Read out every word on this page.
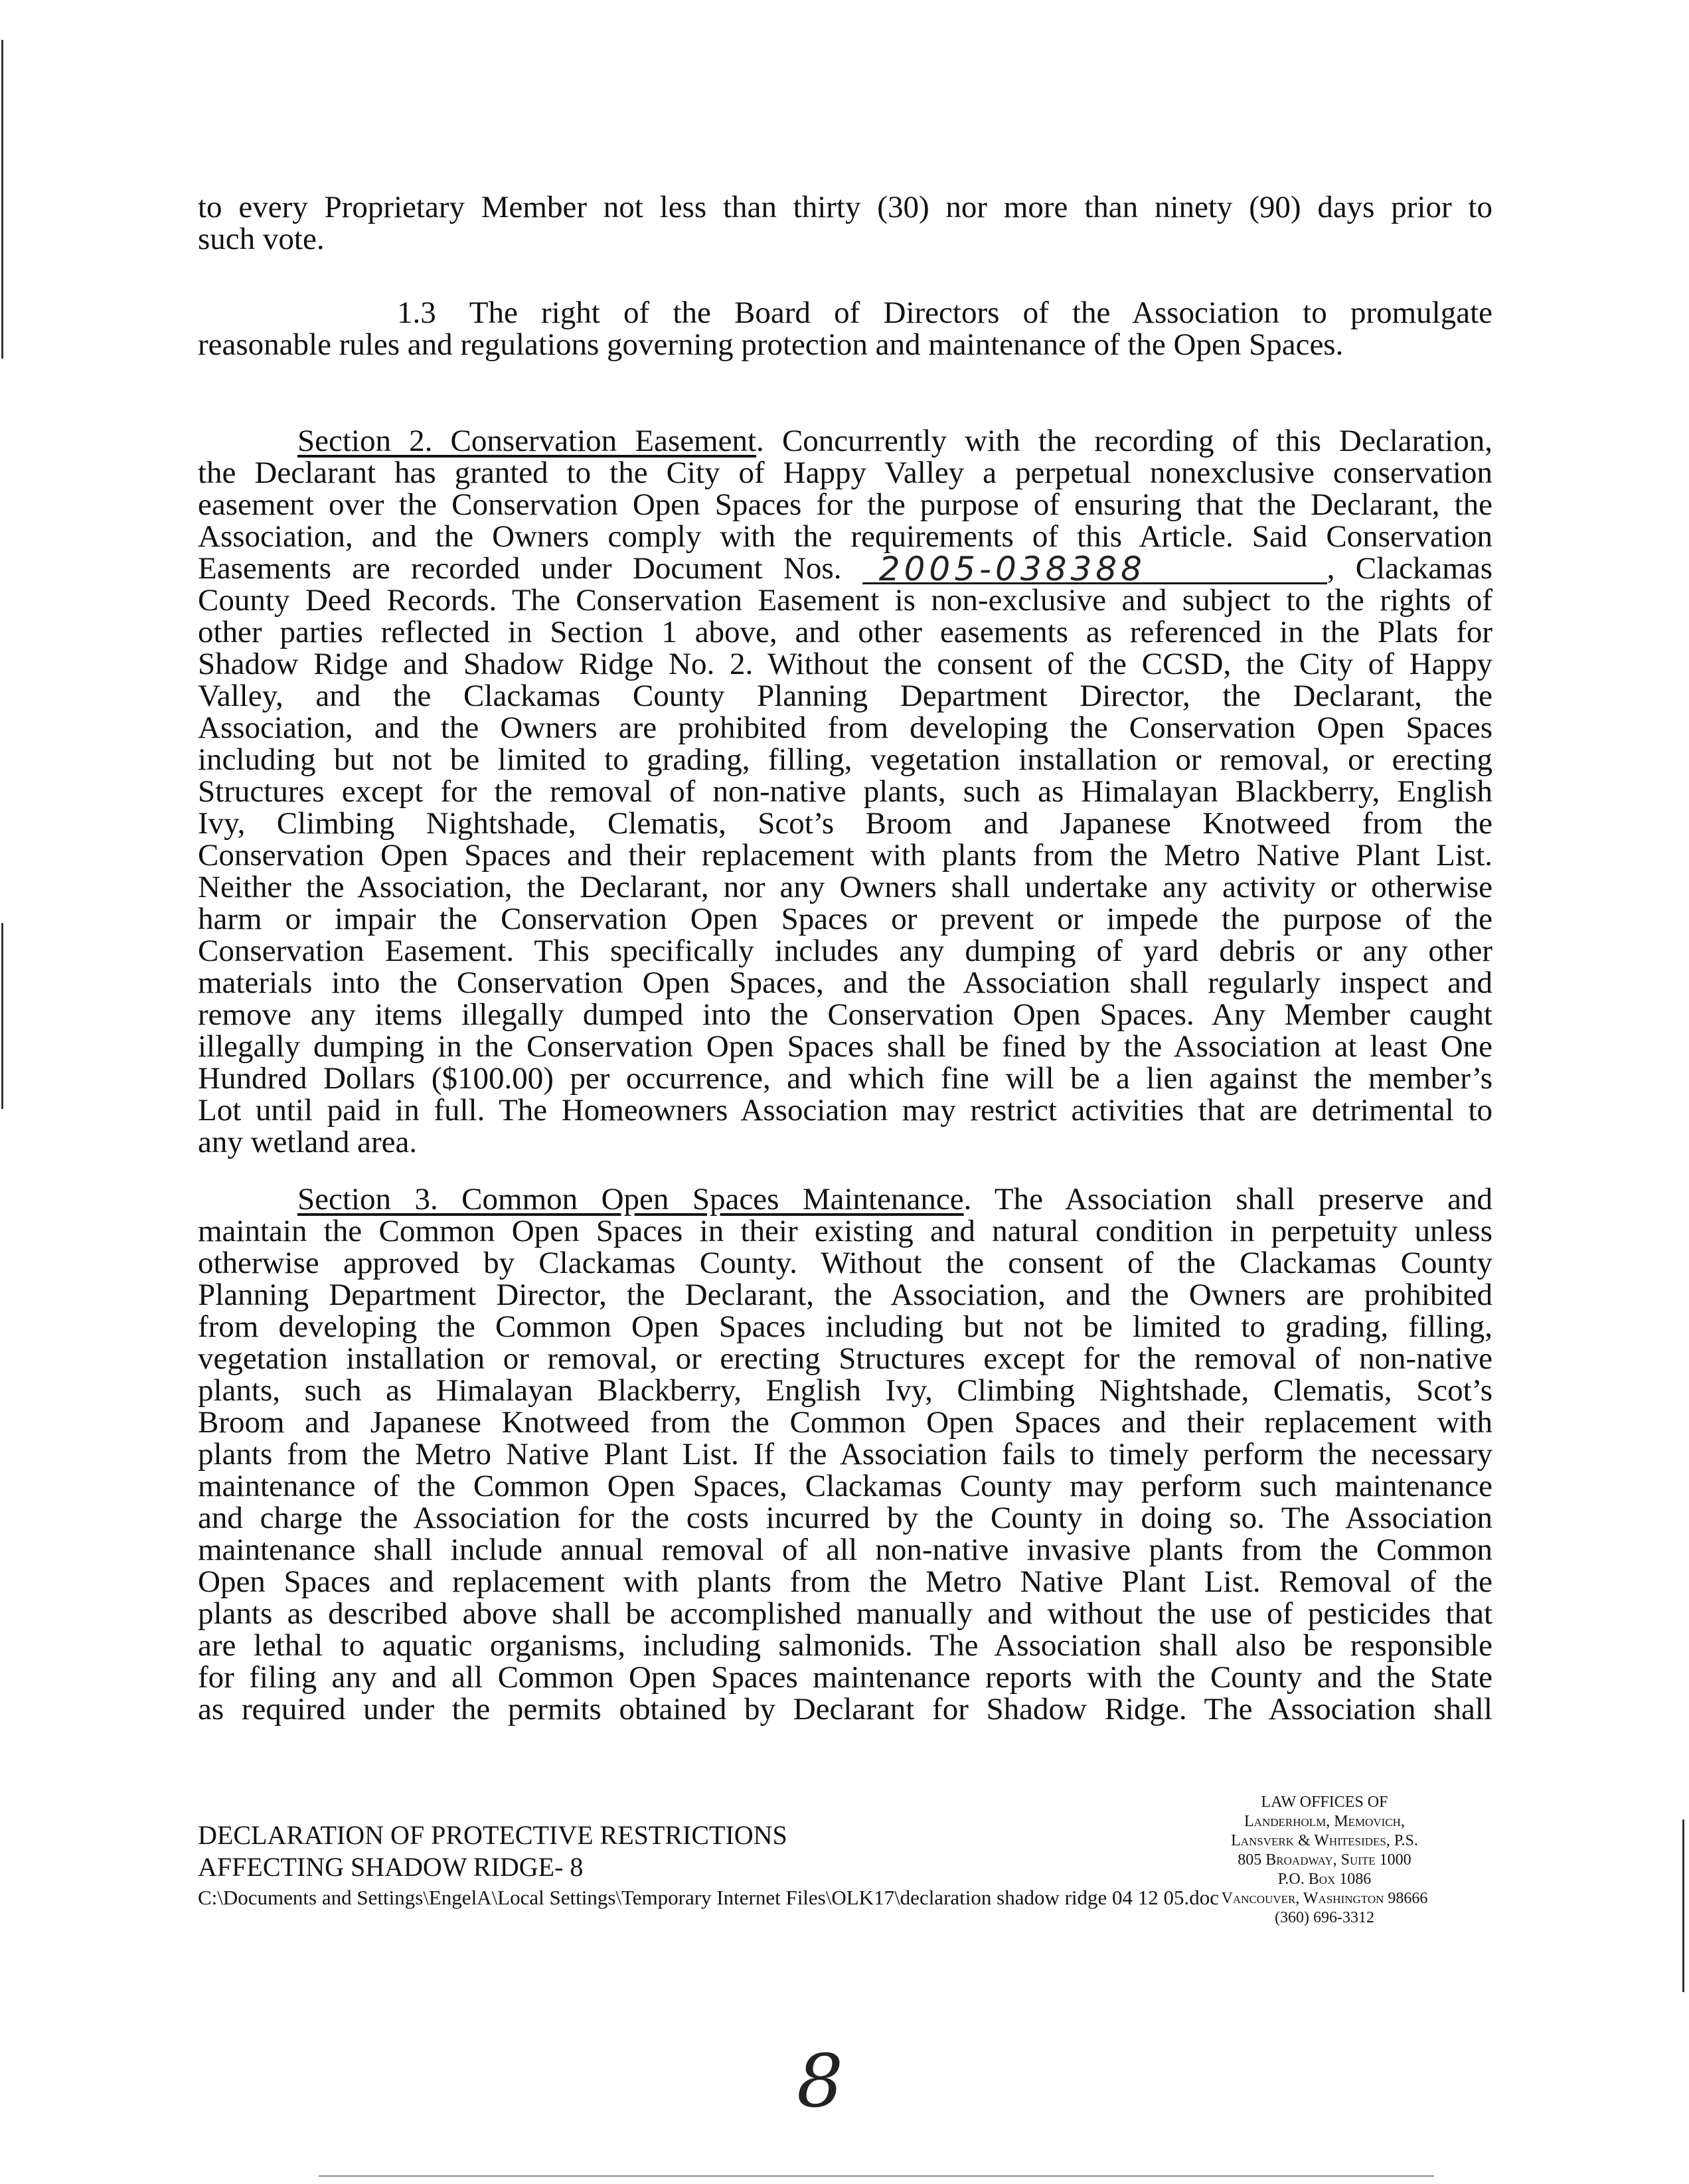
to every Proprietary Member not less than thirty (30) nor more than ninety (90) days prior to
such vote.
1.3 The right of the Board of Directors of the Association to promulgate
reasonable rules and regulations governing protection and maintenance of the Open Spaces.
Section 2. Conservation Easement. Concurrently with the recording of this Declaration,
the Declarant has granted to the City of Happy Valley a perpetual nonexclusive conservation
easement over the Conservation Open Spaces for the purpose of ensuring that the Declarant, the
Association, and the Owners comply with the requirements of this Article. Said Conservation
Easements are recorded under Document Nos. 2005-038388	, Clackamas
County Deed Records. The Conservation Easement is non-exclusive and subject to the rights of
other parties reflected in Section 1 above, and other easements as referenced in the Plats for
Shadow Ridge and Shadow Ridge No. 2. Without the consent of the CCSD, the City of Happy
Valley, and the Clackamas County Planning Department Director, the Declarant, the
Association, and the Owners are prohibited from developing the Conservation Open Spaces
including but not be limited to grading, filling, vegetation installation or removal, or erecting
Structures except for the removal of non-native plants, such as Himalayan Blackberry, English
Ivy, Climbing Nightshade, Clematis, Scot’s Broom and Japanese Knotweed from the
Conservation Open Spaces and their replacement with plants from the Metro Native Plant List.
Neither the Association, the Declarant, nor any Owners shall undertake any activity or otherwise
harm or impair the Conservation Open Spaces or prevent or impede the purpose of the
Conservation Easement. This specifically includes any dumping of yard debris or any other
materials into the Conservation Open Spaces, and the Association shall regularly inspect and
remove any items illegally dumped into the Conservation Open Spaces. Any Member caught
illegally dumping in the Conservation Open Spaces shall be fined by the Association at least One
Hundred Dollars ($100.00) per occurrence, and which fine will be a lien against the member’s
Lot until paid in full. The Homeowners Association may restrict activities that are detrimental to
any wetland area.
Section 3. Common Open Spaces Maintenance. The Association shall preserve and
maintain the Common Open Spaces in their existing and natural condition in perpetuity unless
otherwise approved by Clackamas County. Without the consent of the Clackamas County
Planning Department Director, the Declarant, the Association, and the Owners are prohibited
from developing the Common Open Spaces including but not be limited to grading, filling,
vegetation installation or removal, or erecting Structures except for the removal of non-native
plants, such as Himalayan Blackberry, English Ivy, Climbing Nightshade, Clematis, Scot’s
Broom and Japanese Knotweed from the Common Open Spaces and their replacement with
plants from the Metro Native Plant List. If the Association fails to timely perform the necessary
maintenance of the Common Open Spaces, Clackamas County may perform such maintenance
and charge the Association for the costs incurred by the County in doing so. The Association
maintenance shall include annual removal of all non-native invasive plants from the Common
Open Spaces and replacement with plants from the Metro Native Plant List. Removal of the
plants as described above shall be accomplished manually and without the use of pesticides that
are lethal to aquatic organisms, including salmonids. The Association shall also be responsible
for filing any and all Common Open Spaces maintenance reports with the County and the State
as required under the permits obtained by Declarant for Shadow Ridge. The Association shall
DECLARATION OF PROTECTIVE RESTRICTIONS
AFFECTING SHADOW RIDGE- 8
C:\Documents and Settings\EngelA\Local Settings\Temporary Internet Files\OLK17\declaration shadow ridge 04 12 05.doc
LAW OFFICES OF
Landerholm, Memovich,
Lansverk & Whitesides, P.S.
805 Broadway, Suite 1000
P.O. Box 1086
Vancouver, Washington 98666
(360) 696-3312
8
